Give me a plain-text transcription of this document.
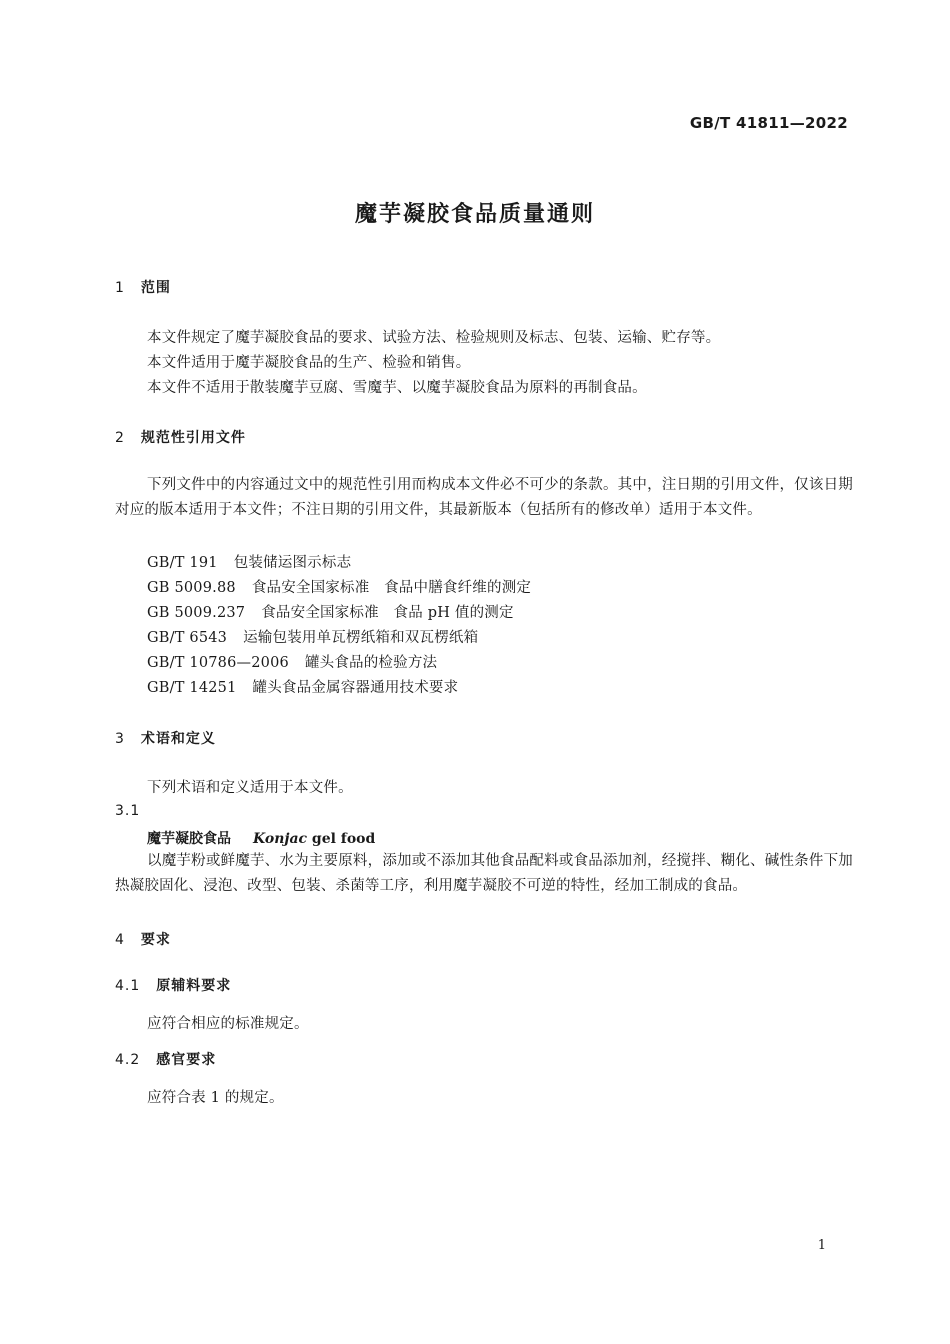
GB/T 41811—2022
魔芋凝胶食品质量通则
1 范围
本文件规定了魔芋凝胶食品的要求、试验方法、检验规则及标志、包装、运输、贮存等。
本文件适用于魔芋凝胶食品的生产、检验和销售。
本文件不适用于散装魔芋豆腐、雪魔芋、以魔芋凝胶食品为原料的再制食品。
2 规范性引用文件
下列文件中的内容通过文中的规范性引用而构成本文件必不可少的条款。其中，注日期的引用文件，仅该日期对应的版本适用于本文件；不注日期的引用文件，其最新版本（包括所有的修改单）适用于本文件。
GB/T 191 包装储运图示标志
GB 5009.88 食品安全国家标准　食品中膳食纤维的测定
GB 5009.237 食品安全国家标准　食品 pH 值的测定
GB/T 6543 运输包装用单瓦楞纸箱和双瓦楞纸箱
GB/T 10786—2006 罐头食品的检验方法
GB/T 14251 罐头食品金属容器通用技术要求
3 术语和定义
下列术语和定义适用于本文件。
3.1
魔芋凝胶食品 Konjac gel food
以魔芋粉或鲜魔芋、水为主要原料，添加或不添加其他食品配料或食品添加剂，经搅拌、糊化、碱性条件下加热凝胶固化、浸泡、改型、包装、杀菌等工序，利用魔芋凝胶不可逆的特性，经加工制成的食品。
4 要求
4.1 原辅料要求
应符合相应的标准规定。
4.2 感官要求
应符合表 1 的规定。
1
